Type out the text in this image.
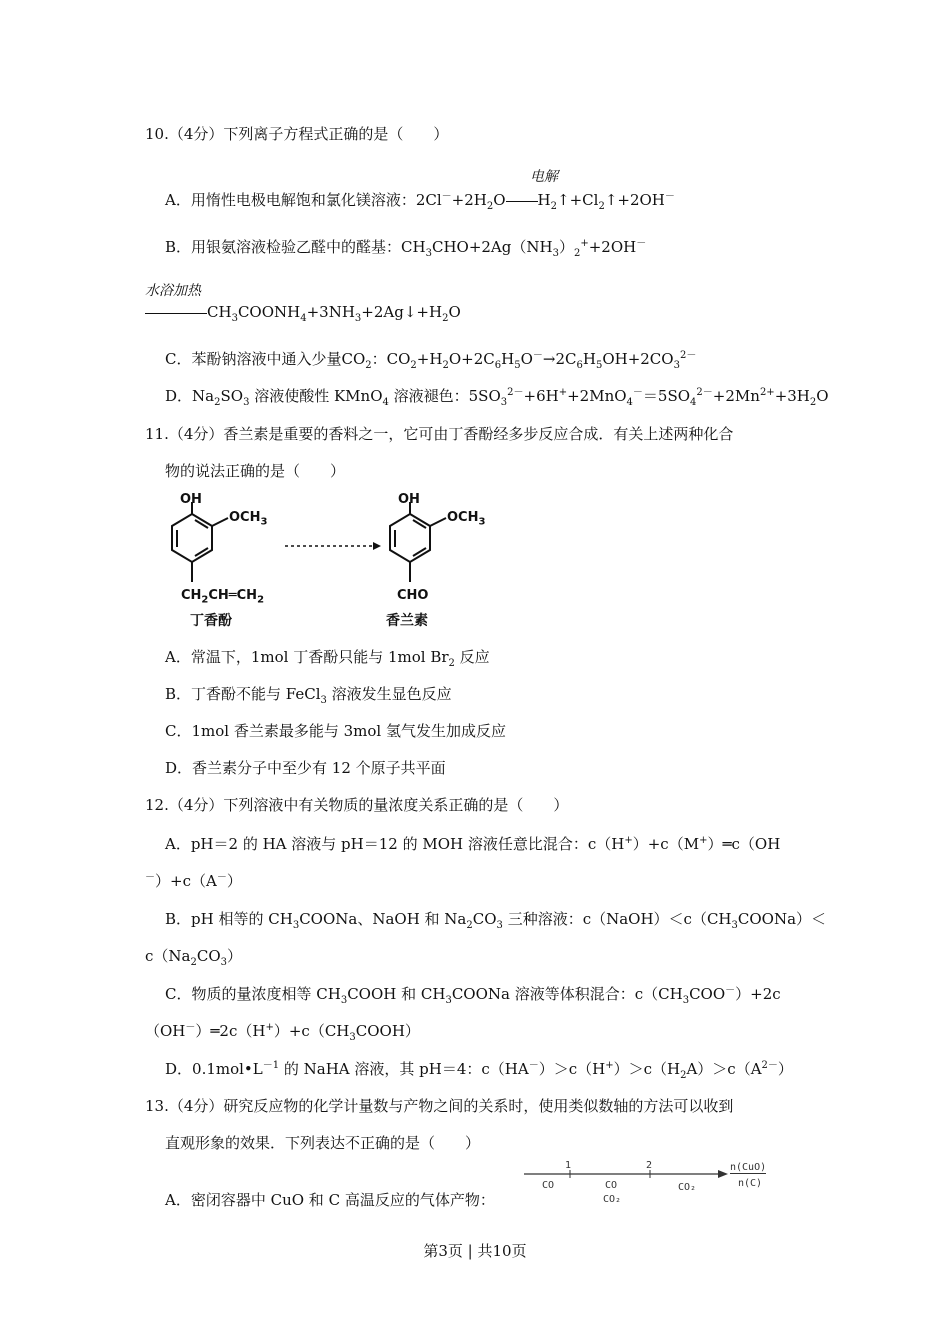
10.（4分）下列离子方程式正确的是（　　）
电解
A．用惰性电极电解饱和氯化镁溶液：$2Cl^-+2H_2O$ $H_2↑+Cl_2↑+2OH^-$
B．用银氨溶液检验乙醛中的醛基：$CH_3CHO+2Ag(NH_3)_2^++2OH^-$
水浴加热
$CH_3COONH_4+3NH_3+2Ag↓+H_2O$
C．苯酚钠溶液中通入少量$CO_2$：$CO_2+H_2O+2C_6H_5O^-\to 2C_6H_5OH+2CO_3^{2-}$
D．$Na_2SO_3$ 溶液使酸性 KMnO$_4$ 溶液褪色：$5SO_3^{2-}+6H^++2MnO_4^-=5SO_4^{2-}+2Mn^{2+}+3H_2O$
11.（4分）香兰素是重要的香料之一，它可由丁香酚经多步反应合成．有关上述两种化合
物的说法正确的是（　　）
OH
$OCH_3$
$CH_2CH═CH_2$
丁香酚
OH
$OCH_3$
CHO
香兰素
A．常温下，1mol 丁香酚只能与 1mol $Br_2$ 反应
B．丁香酚不能与 FeCl$_3$ 溶液发生显色反应
C．1mol 香兰素最多能与 3mol 氢气发生加成反应
D．香兰素分子中至少有 12 个原子共平面
12.（4分）下列溶液中有关物质的量浓度关系正确的是（　　）
A．pH＝2 的 HA 溶液与 pH＝12 的 MOH 溶液任意比混合：c（H+）+c（M+）═c（OH
－）+c（A－）
B．pH 相等的 $CH_3COONa$、NaOH 和 $Na_2CO_3$ 三种溶液：$c(NaOH)<c(CH_3COONa)<$
$c(Na_2CO_3)$
C．物质的量浓度相等 $CH_3COOH$ 和 $CH_3COONa$ 溶液等体积混合：$c(CH_3COO^-)+2c$
$(OH^-)═2c(H^+)+c(CH_3COOH)$
D．$0.1mol•L^{-1}$ 的 NaHA 溶液，其 pH＝4：$c(HA^-)>c(H^+)>c(H_2A)>c(A^{2-})$
13.（4分）研究反应物的化学计量数与产物之间的关系时，使用类似数轴的方法可以收到
直观形象的效果．下列表达不正确的是（　　）
A．密闭容器中 CuO 和 C 高温反应的气体产物：
1	2
CO	CO
CO₂
CO₂
n(CuO)
n(C)
第3页 | 共10页
